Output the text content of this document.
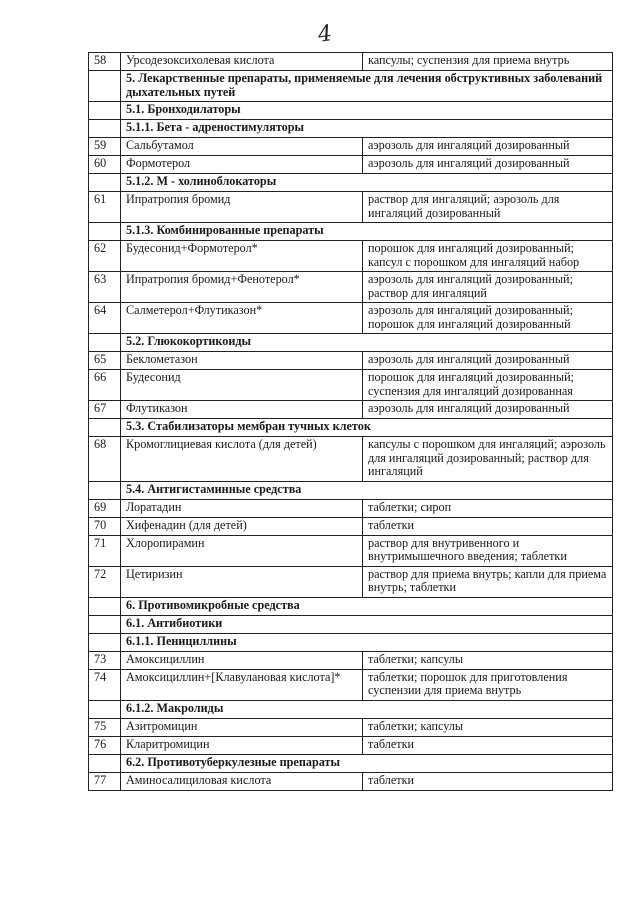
4
58	Урсодезоксихолевая кислота	капсулы; суспензия для приема внутрь
	5. Лекарственные препараты, применяемые для лечения обструктивных заболеваний дыхательных путей	
	5.1. Бронходилаторы	
	5.1.1. Бета - адреностимуляторы	
59	Сальбутамол	аэрозоль для ингаляций дозированный
60	Формотерол	аэрозоль для ингаляций дозированный
	5.1.2. М - холиноблокаторы	
61	Ипратропия бромид	раствор для ингаляций; аэрозоль для ингаляций дозированный
	5.1.3. Комбинированные препараты	
62	Будесонид+Формотерол*	порошок для ингаляций дозированный; капсул с порошком для ингаляций набор
63	Ипратропия бромид+Фенотерол*	аэрозоль для ингаляций дозированный; раствор для ингаляций
64	Салметерол+Флутиказон*	аэрозоль для ингаляций дозированный; порошок для ингаляций дозированный
	5.2. Глюкокортикоиды	
65	Беклометазон	аэрозоль для ингаляций дозированный
66	Будесонид	порошок для ингаляций дозированный; суспензия для ингаляций дозированная
67	Флутиказон	аэрозоль для ингаляций дозированный
	5.3. Стабилизаторы мембран тучных клеток	
68	Кромоглициевая кислота (для детей)	капсулы с порошком для ингаляций; аэрозоль для ингаляций дозированный; раствор для ингаляций
	5.4. Антигистаминные средства	
69	Лоратадин	таблетки; сироп
70	Хифенадин (для детей)	таблетки
71	Хлоропирамин	раствор для внутривенного и внутримышечного введения; таблетки
72	Цетиризин	раствор для приема внутрь; капли для приема внутрь; таблетки
	6. Противомикробные средства	
	6.1. Антибиотики	
	6.1.1. Пенициллины	
73	Амоксициллин	таблетки; капсулы
74	Амоксициллин+[Клавулановая кислота]*	таблетки; порошок для приготовления суспензии для приема внутрь
	6.1.2. Макролиды	
75	Азитромицин	таблетки; капсулы
76	Кларитромицин	таблетки
	6.2. Противотуберкулезные препараты	
77	Аминосалициловая кислота	таблетки
